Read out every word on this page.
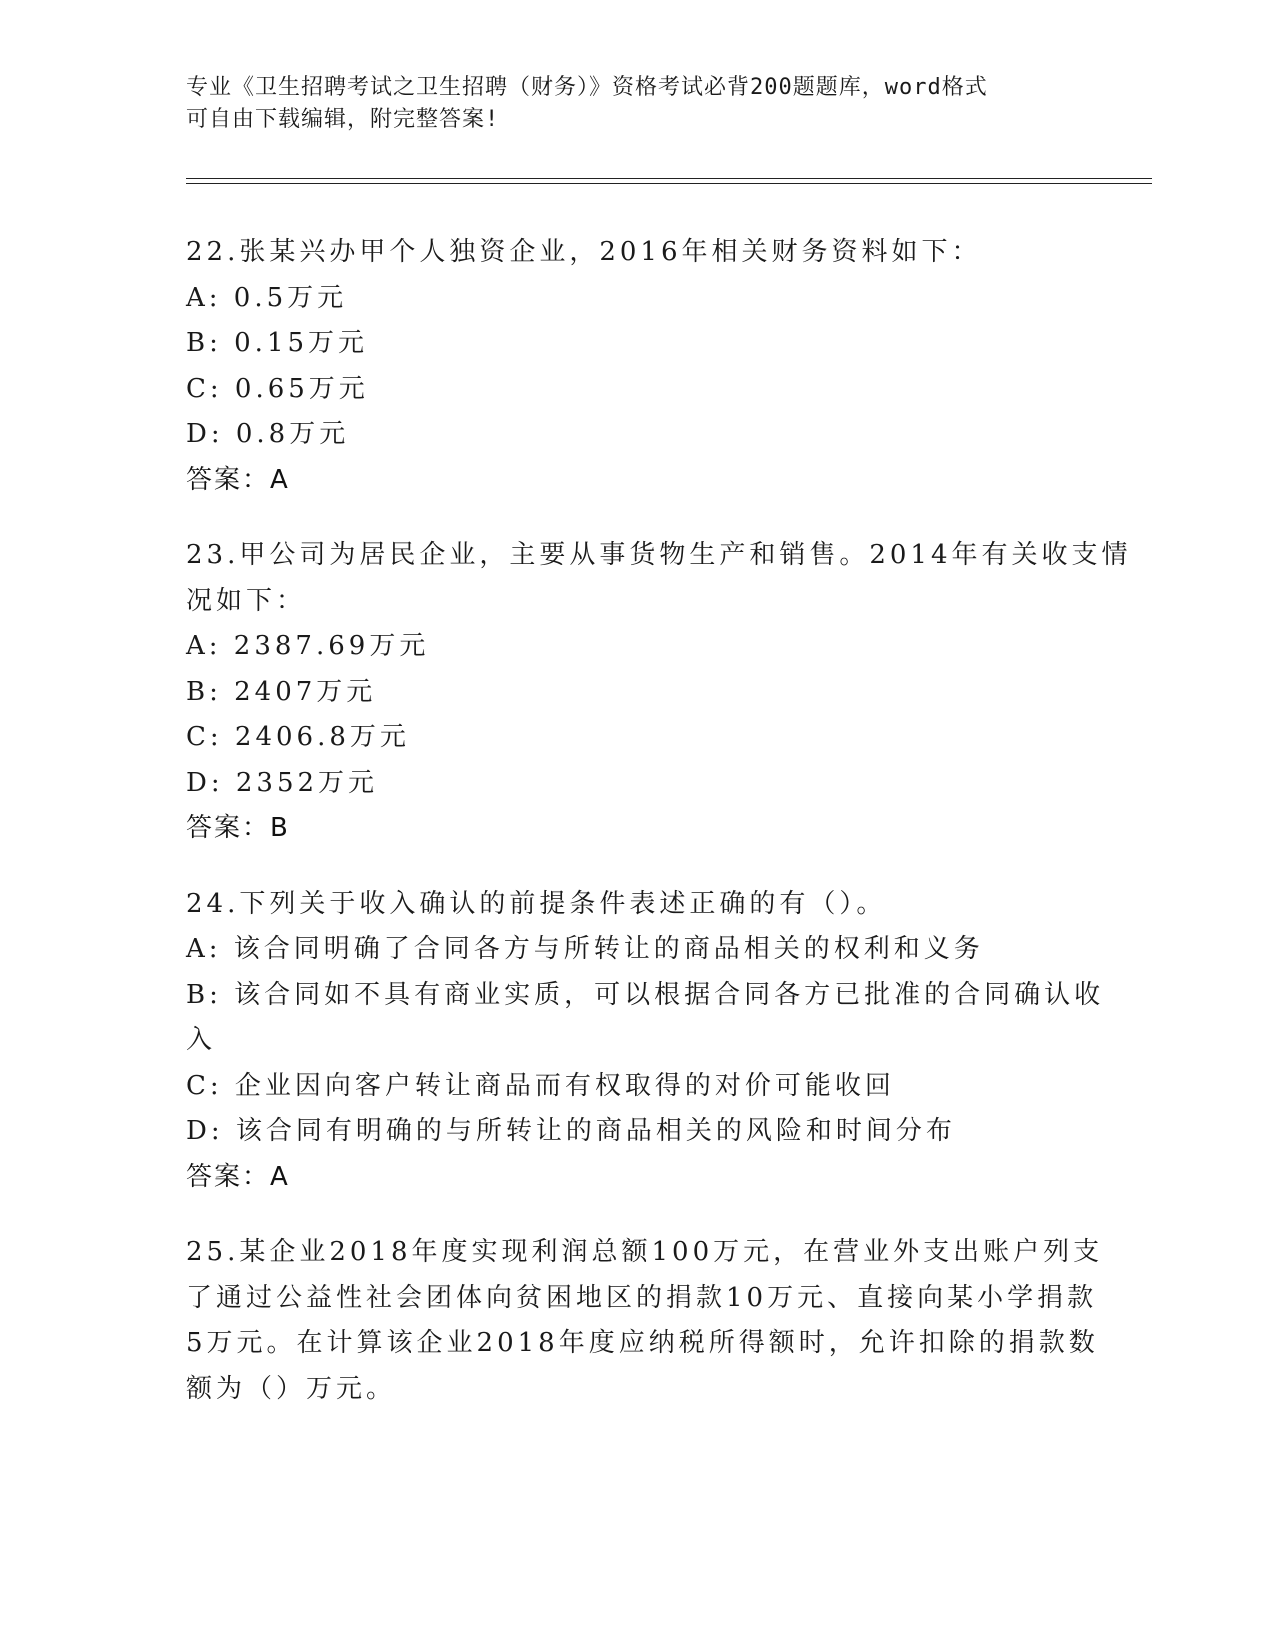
专业《卫生招聘考试之卫生招聘（财务）》资格考试必背200题题库，word格式
可自由下载编辑，附完整答案!
22.张某兴办甲个人独资企业，2016年相关财务资料如下：
A: 0.5万元
B: 0.15万元
C: 0.65万元
D: 0.8万元
答案：A
23.甲公司为居民企业，主要从事货物生产和销售。2014年有关收支情
况如下：
A: 2387.69万元
B: 2407万元
C: 2406.8万元
D: 2352万元
答案：B
24.下列关于收入确认的前提条件表述正确的有（）。
A: 该合同明确了合同各方与所转让的商品相关的权利和义务
B: 该合同如不具有商业实质，可以根据合同各方已批准的合同确认收
入
C: 企业因向客户转让商品而有权取得的对价可能收回
D: 该合同有明确的与所转让的商品相关的风险和时间分布
答案：A
25.某企业2018年度实现利润总额100万元，在营业外支出账户列支
了通过公益性社会团体向贫困地区的捐款10万元、直接向某小学捐款
5万元。在计算该企业2018年度应纳税所得额时，允许扣除的捐款数
额为（）万元。
